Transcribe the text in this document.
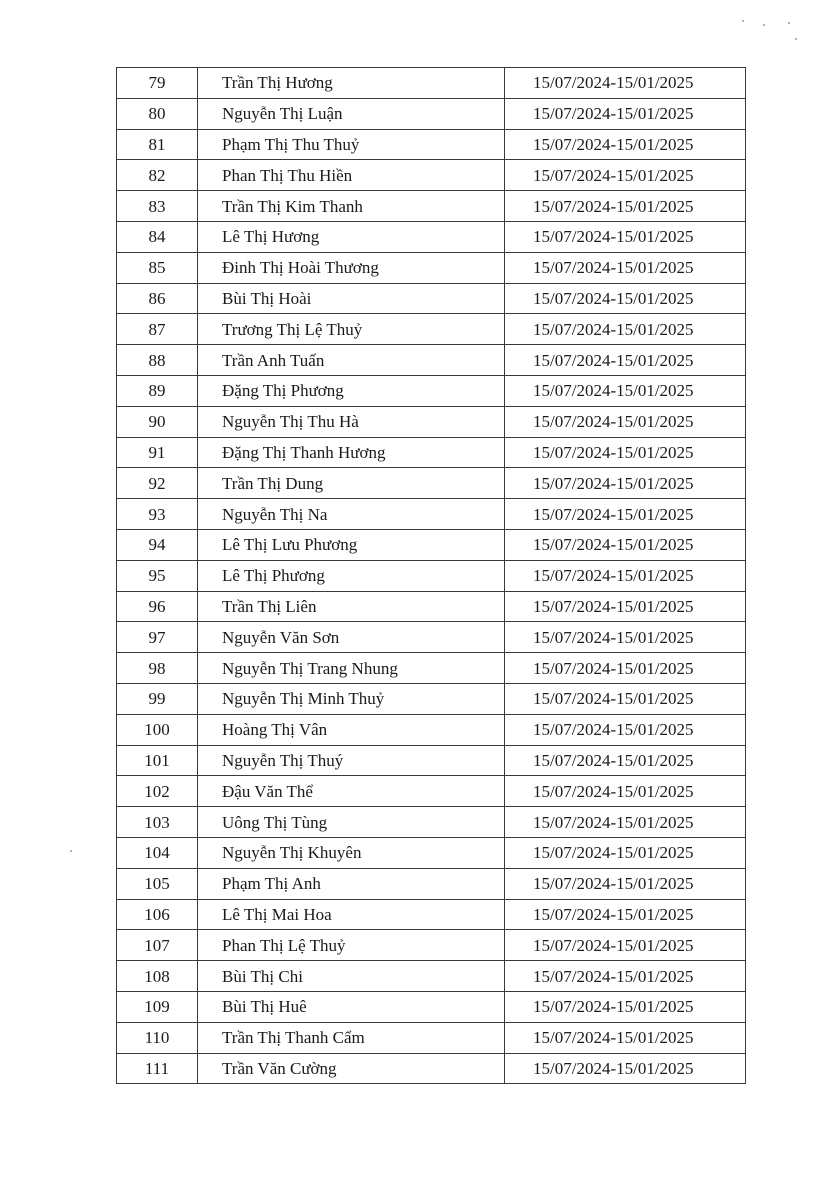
79	Trần Thị Hương	15/07/2024-15/01/2025
80	Nguyễn Thị Luận	15/07/2024-15/01/2025
81	Phạm Thị Thu Thuỷ	15/07/2024-15/01/2025
82	Phan Thị Thu Hiền	15/07/2024-15/01/2025
83	Trần Thị Kim Thanh	15/07/2024-15/01/2025
84	Lê Thị Hương	15/07/2024-15/01/2025
85	Đinh Thị Hoài Thương	15/07/2024-15/01/2025
86	Bùi Thị Hoài	15/07/2024-15/01/2025
87	Trương Thị Lệ Thuỷ	15/07/2024-15/01/2025
88	Trần Anh Tuấn	15/07/2024-15/01/2025
89	Đặng Thị Phương	15/07/2024-15/01/2025
90	Nguyễn Thị Thu Hà	15/07/2024-15/01/2025
91	Đặng Thị Thanh Hương	15/07/2024-15/01/2025
92	Trần Thị Dung	15/07/2024-15/01/2025
93	Nguyễn Thị Na	15/07/2024-15/01/2025
94	Lê Thị Lưu Phương	15/07/2024-15/01/2025
95	Lê Thị Phương	15/07/2024-15/01/2025
96	Trần Thị Liên	15/07/2024-15/01/2025
97	Nguyễn Văn Sơn	15/07/2024-15/01/2025
98	Nguyễn Thị Trang Nhung	15/07/2024-15/01/2025
99	Nguyễn Thị Minh Thuỷ	15/07/2024-15/01/2025
100	Hoàng Thị Vân	15/07/2024-15/01/2025
101	Nguyễn Thị Thuý	15/07/2024-15/01/2025
102	Đậu Văn Thể	15/07/2024-15/01/2025
103	Uông Thị Tùng	15/07/2024-15/01/2025
104	Nguyễn Thị Khuyên	15/07/2024-15/01/2025
105	Phạm Thị Anh	15/07/2024-15/01/2025
106	Lê Thị Mai Hoa	15/07/2024-15/01/2025
107	Phan Thị Lệ Thuỷ	15/07/2024-15/01/2025
108	Bùi Thị Chi	15/07/2024-15/01/2025
109	Bùi Thị Huê	15/07/2024-15/01/2025
110	Trần Thị Thanh Cẩm	15/07/2024-15/01/2025
111	Trần Văn Cường	15/07/2024-15/01/2025
